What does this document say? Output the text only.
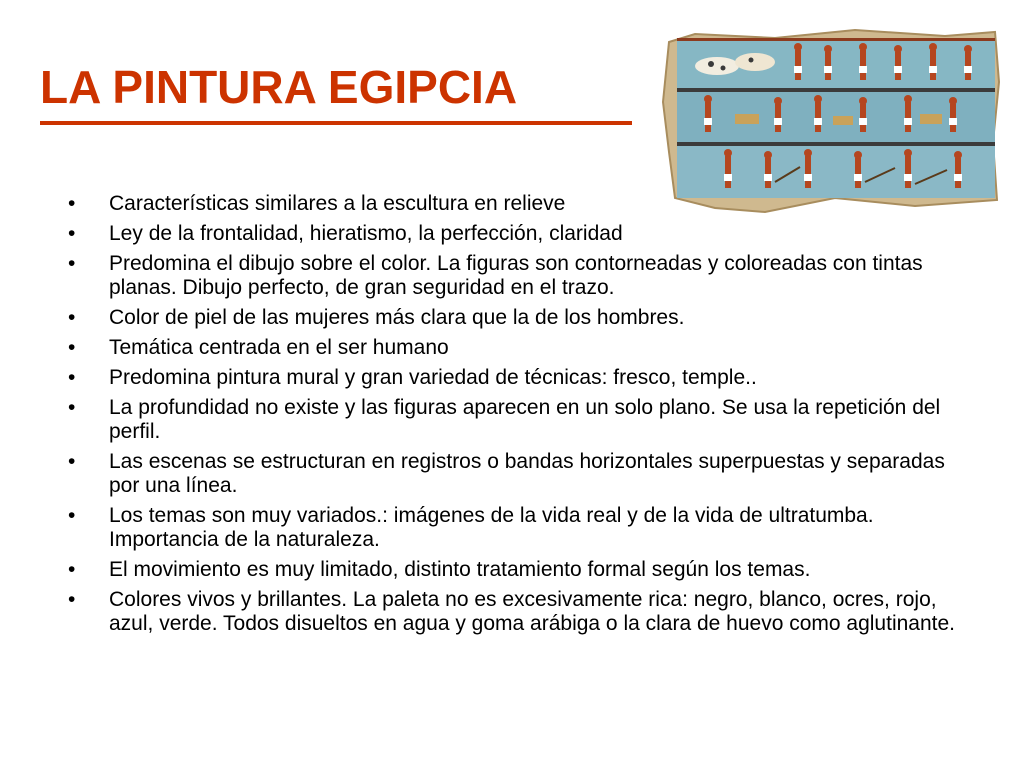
LA PINTURA EGIPCIA
• Características similares a la escultura en relieve
• Ley de la frontalidad, hieratismo, la perfección, claridad
• Predomina el dibujo sobre el color. La figuras son contorneadas y coloreadas con tintas planas. Dibujo perfecto, de gran seguridad en el trazo.
• Color de piel de las mujeres más clara que la de los hombres.
• Temática centrada en el ser humano
• Predomina pintura mural y gran variedad de técnicas: fresco, temple..
• La profundidad no existe y las figuras aparecen en un solo plano. Se usa la repetición del perfil.
• Las escenas se estructuran en registros o bandas horizontales superpuestas y separadas por una línea.
• Los temas son muy variados.: imágenes de la vida real y de la vida de ultratumba. Importancia de la naturaleza.
• El movimiento es muy limitado, distinto tratamiento formal según los temas.
• Colores vivos y brillantes. La paleta no es excesivamente rica: negro, blanco, ocres, rojo, azul, verde. Todos disueltos en agua y goma arábiga o la clara de huevo como aglutinante.
